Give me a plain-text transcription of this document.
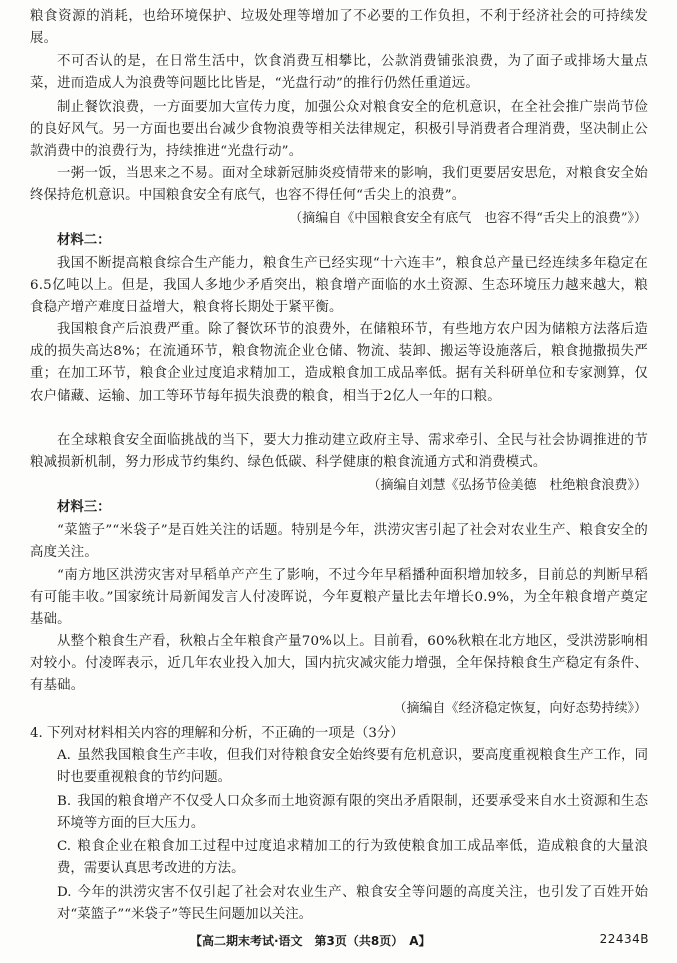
粮食资源的消耗，也给环境保护、垃圾处理等增加了不必要的工作负担，不利于经济社会的可持续发展。

不可否认的是，在日常生活中，饮食消费互相攀比，公款消费铺张浪费，为了面子或排场大量点菜，进而造成人为浪费等问题比比皆是，“光盘行动”的推行仍然任重道远。

制止餐饮浪费，一方面要加大宣传力度，加强公众对粮食安全的危机意识，在全社会推广崇尚节俭的良好风气。另一方面也要出台减少食物浪费等相关法律规定，积极引导消费者合理消费，坚决制止公款消费中的浪费行为，持续推进“光盘行动”。

一粥一饭，当思来之不易。面对全球新冠肺炎疫情带来的影响，我们更要居安思危，对粮食安全始终保持危机意识。中国粮食安全有底气，也容不得任何“舌尖上的浪费”。

（摘编自《中国粮食安全有底气　也容不得“舌尖上的浪费”》）
材料二：

我国不断提高粮食综合生产能力，粮食生产已经实现“十六连丰”，粮食总产量已经连续多年稳定在6.5亿吨以上。但是，我国人多地少矛盾突出，粮食增产面临的水土资源、生态环境压力越来越大，粮食稳产增产难度日益增大，粮食将长期处于紧平衡。

我国粮食产后浪费严重。除了餐饮环节的浪费外，在储粮环节，有些地方农户因为储粮方法落后造成的损失高达8%；在流通环节，粮食物流企业仓储、物流、装卸、搬运等设施落后，粮食抛撒损失严重；在加工环节，粮食企业过度追求精加工，造成粮食加工成品率低。据有关科研单位和专家测算，仅农户储藏、运输、加工等环节每年损失浪费的粮食，相当于2亿人一年的口粮。

在全球粮食安全面临挑战的当下，要大力推动建立政府主导、需求牵引、全民与社会协调推进的节粮减损新机制，努力形成节约集约、绿色低碳、科学健康的粮食流通方式和消费模式。

（摘编自刘慧《弘扬节俭美德　杜绝粮食浪费》）
材料三：

“菜篮子”“米袋子”是百姓关注的话题。特别是今年，洪涝灾害引起了社会对农业生产、粮食安全的高度关注。

“南方地区洪涝灾害对早稻单产产生了影响，不过今年早稻播种面积增加较多，目前总的判断早稻有可能丰收。”国家统计局新闻发言人付凌晖说，今年夏粮产量比去年增长0.9%，为全年粮食增产奠定基础。

从整个粮食生产看，秋粮占全年粮食产量70%以上。目前看，60%秋粮在北方地区，受洪涝影响相对较小。付凌晖表示，近几年农业投入加大，国内抗灾减灾能力增强，全年保持粮食生产稳定有条件、有基础。

（摘编自《经济稳定恢复，向好态势持续》）
4. 下列对材料相关内容的理解和分析，不正确的一项是（3分）
A. 虽然我国粮食生产丰收，但我们对待粮食安全始终要有危机意识，要高度重视粮食生产工作，同时也要重视粮食的节约问题。
B. 我国的粮食增产不仅受人口众多而土地资源有限的突出矛盾限制，还要承受来自水土资源和生态环境等方面的巨大压力。
C. 粮食企业在粮食加工过程中过度追求精加工的行为致使粮食加工成品率低，造成粮食的大量浪费，需要认真思考改进的方法。
D. 今年的洪涝灾害不仅引起了社会对农业生产、粮食安全等问题的高度关注，也引发了百姓开始对“菜篮子”“米袋子”等民生问题加以关注。
【高二期末考试·语文　第3页（共8页）　A】	22434B
